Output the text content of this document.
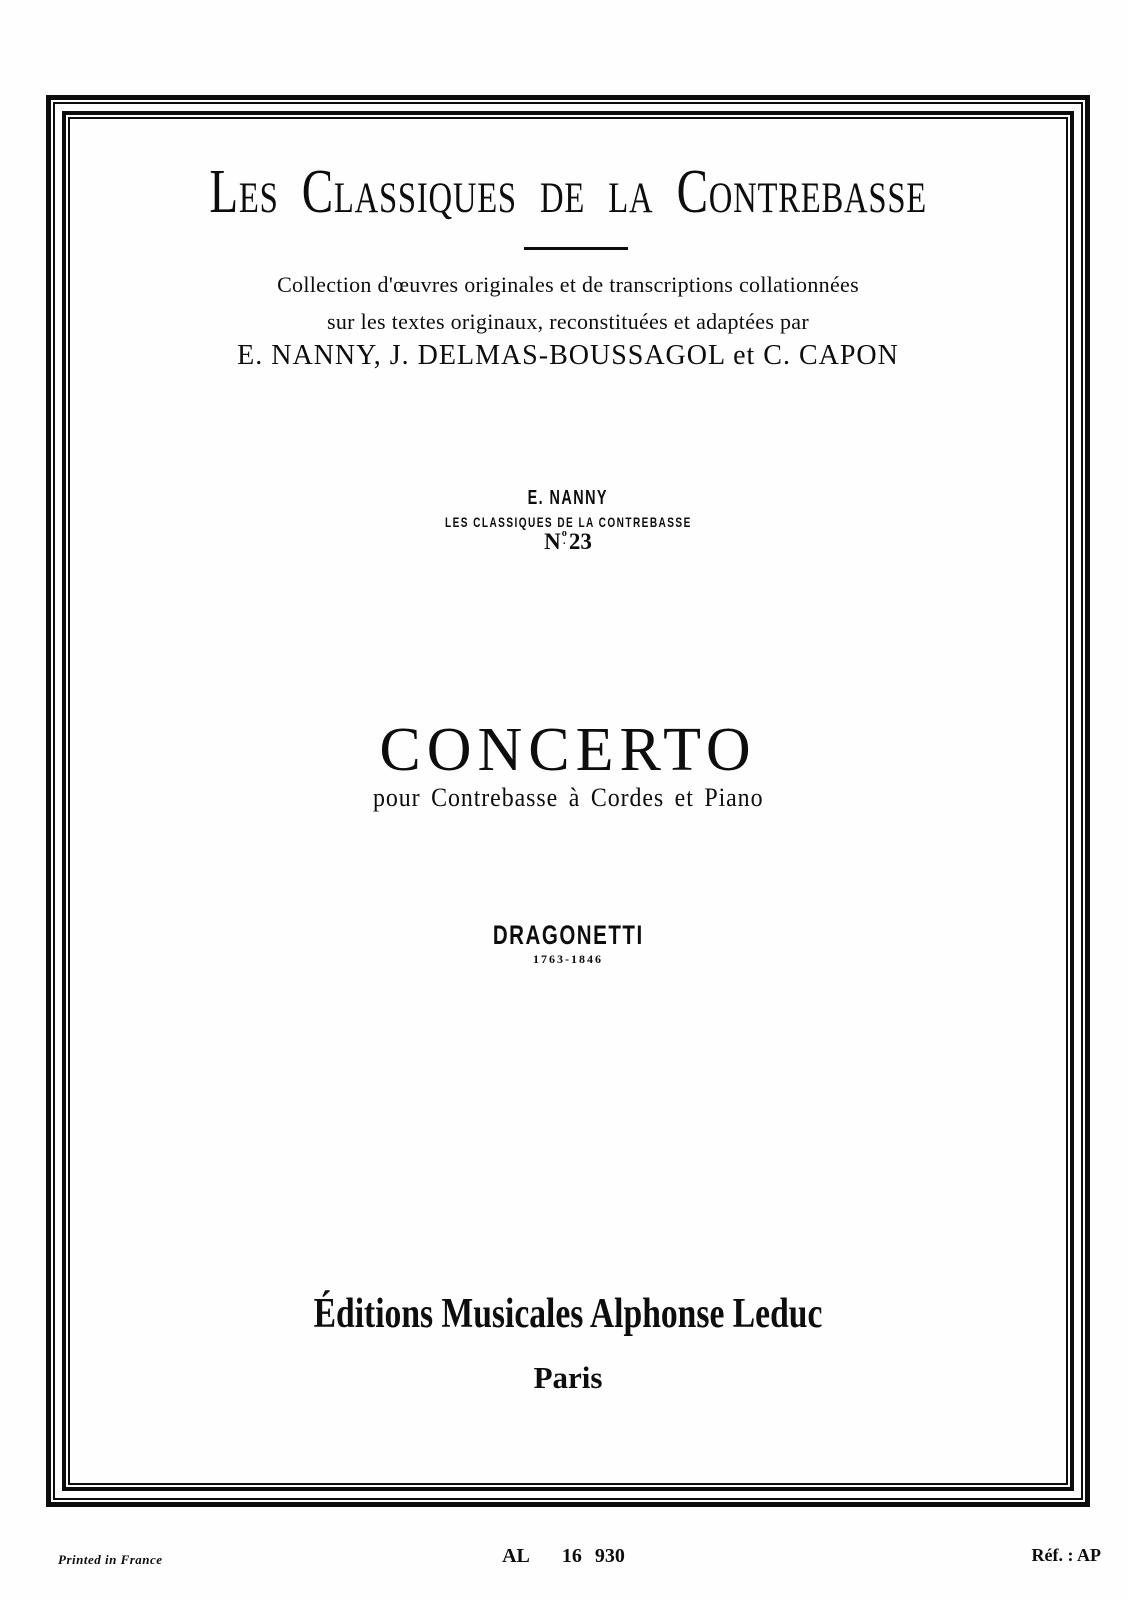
Les Classiques de la Contrebasse
Collection d'œuvres originales et de transcriptions collationnées
sur les textes originaux, reconstituées et adaptées par
E. NANNY, J. DELMAS-BOUSSAGOL et C. CAPON
E. NANNY
LES CLASSIQUES DE LA CONTREBASSE
N o
. 23
CONCERTO
pour Contrebasse à Cordes et Piano
DRAGONETTI
1763-1846
Éditions Musicales Alphonse Leduc
Paris
Printed in France	AL 16 930	Réf. : AP
